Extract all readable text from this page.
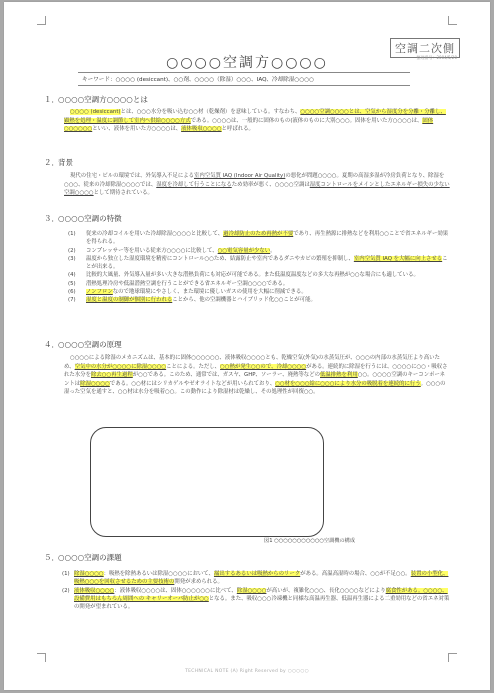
空調二次側
整理番号：2004/5/20
○○○○空調方○○○○
キーワード：○○○○ (desiccant)、○○剤、○○○○（除湿）○○○、IAQ、冷却除湿○○○○
１．○○○○空調方○○○○とは
○○○○ (desiccant)とは、○○○水分を吸い込む○○材（乾燥剤）を意味している。すなわち、○○○○空調○○○○とは、空気から湿度分を分離・分離し、顕熱を処理・温度に調節して室内へ供給○○○○方式である。○○○○は、一般的に固体のもの(液体のものに大別○○○。固体を用いた方○○○○は、固体○○○○○○といい、液体を用いた方○○○○は、液体吸収○○○○と呼ばれる。
２．背景
現代の住宅・ビルの環境では、外気導入不足による室内空気質 IAQ (Indoor Air Quality)の悪化が問題○○○○。夏期の高湿多湿が冷房負荷となり、除湿を○○○、従来の冷却除湿○○○○では、湿度を冷却して行うことになるため効率が悪く、○○○○空調は湿度コントロールをメインとしたエネルギー損失の少ない空調○○○○として期待されている。
３．○○○○空調の特徴
(1) 従来の冷却コイルを用いた冷却除湿○○○○と比較して、過冷却防止のため再熱が不要であり、再生熱源に排熱などを利用○○ことで省エネルギー効果を得られる。
(2) コンプレッサー等を用いる従来方○○○○に比較して、○○電気容量が少ない。
(3) 温度から独立した湿度環境を精密にコントロール○○ため、結露防止や室内であるダニやカビの繁殖を抑制し、室内空気質 IAQ を大幅に向上させることが出来る。
(4) 比較的大風量、外気導入量が多い大きな潜熱負荷にも対応が可能である。また低温度温度などの多大な再熱が○○な場合にも適している。
(5) 潜熱処理冷房や低温潜熱空調を行うことができる省エネルギー空調○○○○である。
(6) ノンフロンなので地球環境にやさしく、また環境に優しいガスの使用を大幅に削減できる。
(7) 湿度と温度の制御が個別に行われることから、他の空調機器とハイブリッド化○○ことが可能。
４．○○○○空調の原理
○○○○による除湿のメカニズムは、基本的に固体○○○○○○、液体吸収○○○○とも、乾燥空気(外気)の水蒸気圧が、○○○の内部の水蒸気圧より高いため、空気中の水分が○○○○に除湿○○○○ことによる。ただし、○○熱が発生○○ので、冷却○○○○がある。連続的に除湿を行うには、○○○○に○○・吸収された水分を除去○○再生過程が○○である。このため、通常では、ガスヤ、GHP、ソーラー、廃熱等などの低温排熱を利用○○。○○○○空調のキーコンポーネントは除湿○○○○である。○○材にはシリカゲルやゼオライトなどが用いられており、○○材を○○○給に○○○により水分の吸脱着を連続的に行う。○○○の湿った空気を通すと、○○材は水分を吸着○○。この動作により除湿材は乾燥し、その処理性が回復○○。
図1 ○○○○○○○○○○○空調機の構成
５．○○○○空調の課題

(1) 除湿○○○○：吸熱を除熱あるいは除湿○○○○において、漏出するあるいは吸熱からのリークがある。高温高湿時の場合、○○が不足○○。装置の小型化、吸熱○○○を回収させるための主要技術の開発が求められる。

(2) 液体吸収○○○○：液体吸収○○○○は、固体○○○○○○に比べて、除湿○○○○が高いが、複雑化○○○、長化○○○○などにより腐食性がある。○○○○、設備費用はもちろん周囲への キャリーオーバ防止が○○となる。また、吸収○○○冷凍機と同様な高温再生器、低温再生器による二重効用などの省エネ対策の開発が望まれている。

TECHNICAL NOTE (A) Right Reserved by ○○○○○
